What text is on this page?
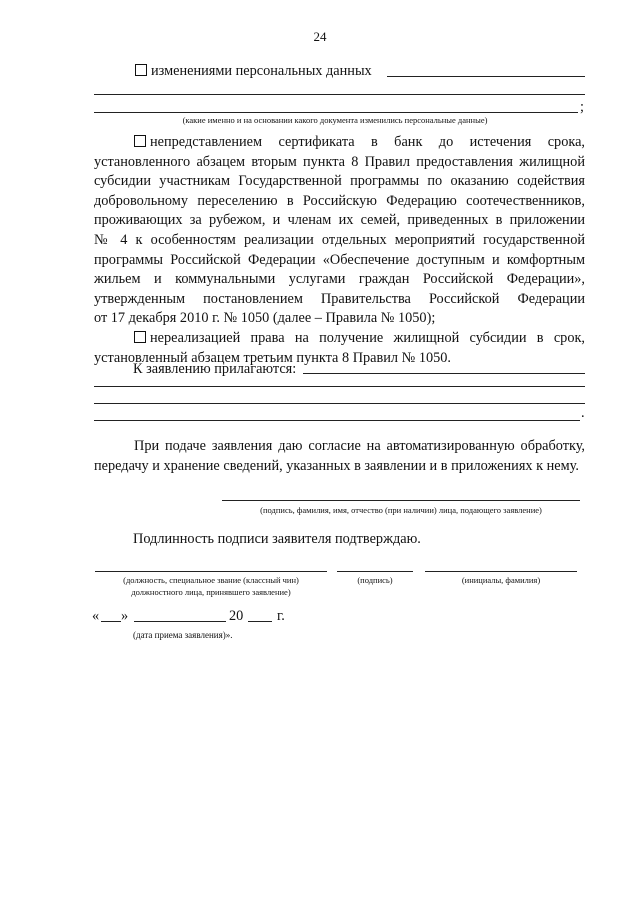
24
изменениями персональных данных
;
(какие именно и на основании какого документа изменились персональные данные)
непредставлением сертификата в банк до истечения срока,
установленного абзацем вторым пункта 8 Правил предоставления жилищной
субсидии участникам Государственной программы по оказанию содействия
добровольному переселению в Российскую Федерацию соотечественников,
проживающих за рубежом, и членам их семей, приведенных в приложении
№ 4 к особенностям реализации отдельных мероприятий государственной
программы Российской Федерации «Обеспечение доступным и комфортным
жильем и коммунальными услугами граждан Российской Федерации»,
утвержденным постановлением Правительства Российской Федерации
от 17 декабря 2010 г. № 1050 (далее – Правила № 1050);
нереализацией права на получение жилищной субсидии в срок,
установленный абзацем третьим пункта 8 Правил № 1050.
К заявлению прилагаются:
.
При подаче заявления даю согласие на автоматизированную обработку,
передачу и хранение сведений, указанных в заявлении и в приложениях к нему.
(подпись, фамилия, имя, отчество (при наличии) лица, подающего заявление)
Подлинность подписи заявителя подтверждаю.
(должность, специальное звание (классный чин)
должностного лица, принявшего заявление)
(подпись)	(инициалы, фамилия)
« »	20 г.
(дата приема заявления)».
